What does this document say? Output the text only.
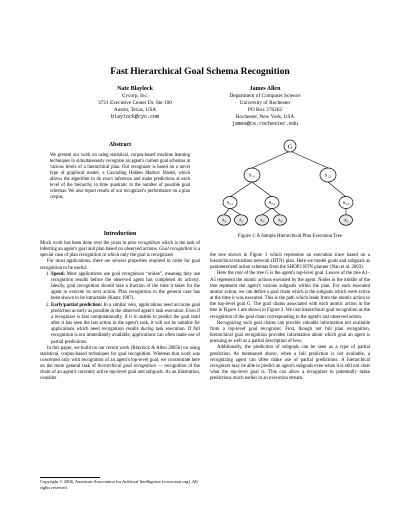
Fast Hierarchical Goal Schema Recognition
Nate Blaylock
Cycorp, Inc.
3721 Executive Center Dr. Ste 100
Austin, Texas, USA
blaylock@cyc.com
James Allen
Department of Computer Science
University of Rochester
PO Box 270262
Rochester, New York, USA
james@cs.rochester.edu
Abstract
We present our work on using statistical, corpus-based machine learning techniques to simultaneously recognize an agent's current goal schemas at various levels of a hierarchical plan. Our recognizer is based on a novel type of graphical model, a Cascading Hidden Markov Model, which allows the algorithm to do exact inference and make predictions at each level of the hierarchy in time quadratic to the number of possible goal schemas. We also report results of our recognizer's performance on a plan corpus.
Introduction

Much work has been done over the years in plan recognition which is the task of inferring an agent's goal and plan based on observed actions. Goal recognition is a special case of plan recognition in which only the goal is recognized.

For most applications, there are several properties required in order for goal recognition to be useful:

1. Speed: Most applications use goal recognition “online”, meaning they use recognition results before the observed agent has completed its activity. Ideally, goal recognition should take a fraction of the time it takes for the agent to execute its next action. Plan recognition in the general case has been shown to be intractable (Kautz 1987).
2. Early/partial prediction: In a similar vein, applications need accurate goal prediction as early as possible in the observed agent's task execution. Even if a recognizer is fast computationally, if it is unable to predict the goal until after it has seen the last action in the agent's task, it will not be suitable for applications which need recognition results during task execution. If full recognition is not immediately available, applications can often make use of partial predictions.

In this paper, we build on our recent work (Blaylock & Allen 2005b) on using statistical, corpus-based techniques for goal recognition. Whereas that work was concerned only with recognition of an agent's top-level goal, we concentrate here on the more general task of hierarchical goal recognition — recognition of the chain of an agent's currently active top-level goal and subgoals. As an illustration, consider

Copyright © 2006, American Association for Artificial Intelligence (www.aaai.org). All rights reserved.
G
$S_{1:1}$	$S_{1:2}$
$S_{2:1}$	$S_{2:2}$	$S_{2:3}$
$A_1$	$A_2$	$A_3$	$A_4$	$A_5$
Figure 1: A Sample Hierarchical Plan Execution Tree

the tree shown in Figure 1 which represents an execution trace based on a hierarchical transition network (HTN) plan. Here we model goals and subgoals as parameterized action schemas from the SHOP2 HTN planner (Nau et al. 2003).

Here the root of the tree G is the agent's top-level goal. Leaves of the tree A1–A5 represent the atomic actions executed by the agent. Nodes in the middle of the tree represent the agent's various subgoals within the plan. For each executed atomic action, we can define a goal chain which is the subgoals which were active at the time it was executed. This is the path which leads from the atomic action to the top-level goal G. The goal chains associated with each atomic action in the tree in Figure 1 are shown in Figure 2. We cast hierarchical goal recognition as the recognition of the goal chain corresponding to the agent's last observed action.

Recognizing such goal chains can provide valuable information not available from a top-level goal recognizer. First, though not full plan recognition, hierarchical goal recognition provides information about which goal an agent is pursuing as well as a partial description of how.

Additionally, the prediction of subgoals can be seen as a type of partial prediction. As mentioned above, when a full prediction is not available, a recognizing agent can often make use of partial predictions. A hierarchical recognizer may be able to predict an agent's subgoals even when it is still not clear what the top-level goal is. This can allow a recognizer to potentially make predictions much earlier in an execution stream.
